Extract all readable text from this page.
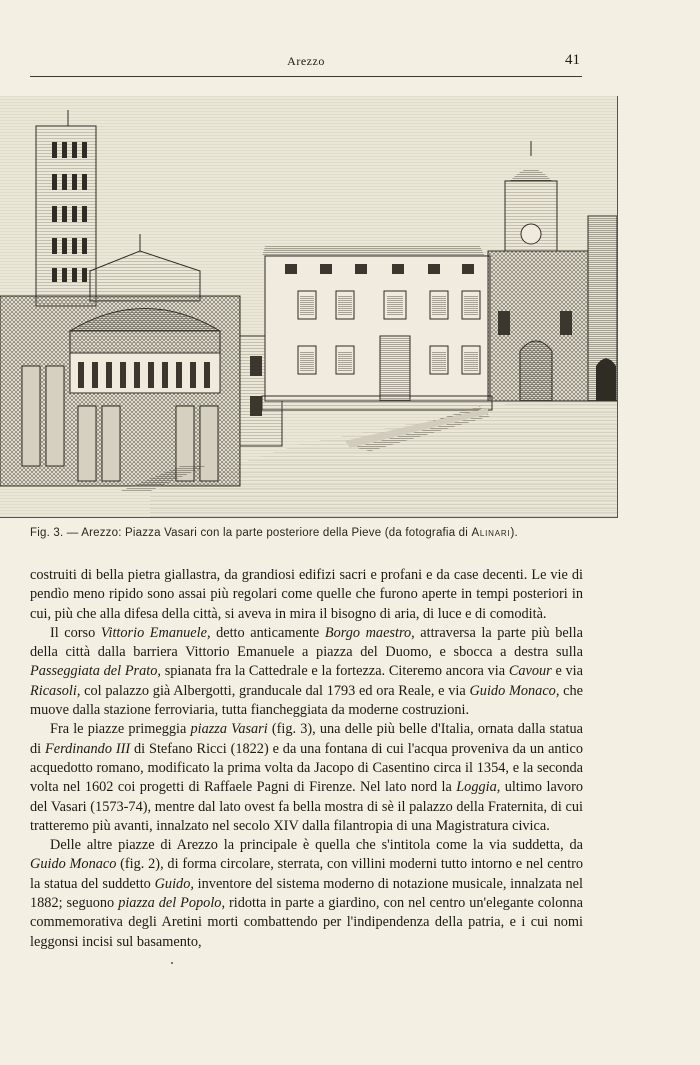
Arezzo	41
Fig. 3. — Arezzo: Piazza Vasari con la parte posteriore della Pieve (da fotografia di Alinari).

costruiti di bella pietra giallastra, da grandiosi edifizi sacri e profani e da case decenti. Le vie di pendìo meno ripido sono assai più regolari come quelle che furono aperte in tempi posteriori in cui, più che alla difesa della città, si aveva in mira il bisogno di aria, di luce e di comodità.

Il corso Vittorio Emanuele, detto anticamente Borgo maestro, attraversa la parte più bella della città dalla barriera Vittorio Emanuele a piazza del Duomo, e sbocca a destra sulla Passeggiata del Prato, spianata fra la Cattedrale e la fortezza. Citeremo ancora via Cavour e via Ricasoli, col palazzo già Albergotti, granducale dal 1793 ed ora Reale, e via Guido Monaco, che muove dalla stazione ferroviaria, tutta fiancheggiata da moderne costruzioni.

Fra le piazze primeggia piazza Vasari (fig. 3), una delle più belle d'Italia, ornata dalla statua di Ferdinando III di Stefano Ricci (1822) e da una fontana di cui l'acqua proveniva da un antico acquedotto romano, modificato la prima volta da Jacopo di Casentino circa il 1354, e la seconda volta nel 1602 coi progetti di Raffaele Pagni di Firenze. Nel lato nord la Loggia, ultimo lavoro del Vasari (1573-74), mentre dal lato ovest fa bella mostra di sè il palazzo della Fraternita, di cui tratteremo più avanti, innalzato nel secolo XIV dalla filantropia di una Magistratura civica.

Delle altre piazze di Arezzo la principale è quella che s'intitola come la via suddetta, da Guido Monaco (fig. 2), di forma circolare, sterrata, con villini moderni tutto intorno e nel centro la statua del suddetto Guido, inventore del sistema moderno di notazione musicale, innalzata nel 1882; seguono piazza del Popolo, ridotta in parte a giardino, con nel centro un'elegante colonna commemorativa degli Aretini morti combattendo per l'indipendenza della patria, e i cui nomi leggonsi incisi sul basamento,
